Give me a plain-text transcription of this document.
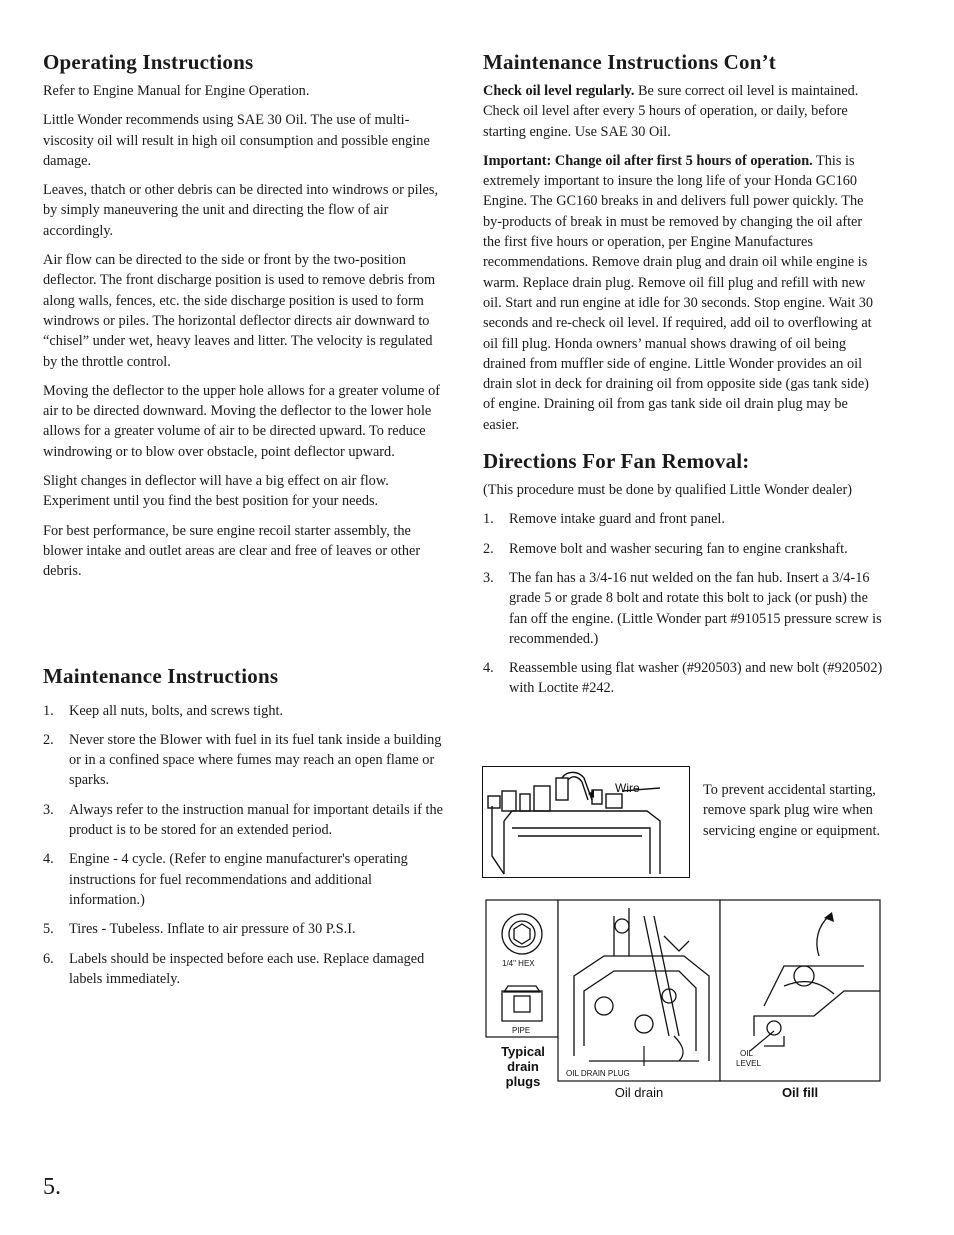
Operating Instructions

Refer to Engine Manual for Engine Operation.

Little Wonder recommends using SAE 30 Oil. The use of multi-viscosity oil will result in high oil consumption and possible engine damage.

Leaves, thatch or other debris can be directed into windrows or piles, by simply maneuvering the unit and directing the flow of air accordingly.

Air flow can be directed to the side or front by the two-position deflector. The front discharge position is used to remove debris from along walls, fences, etc. the side discharge position is used to form windrows or piles. The horizontal deflector directs air downward to “chisel” under wet, heavy leaves and litter. The velocity is regulated by the throttle control.

Moving the deflector to the upper hole allows for a greater volume of air to be directed downward. Moving the deflector to the lower hole allows for a greater volume of air to be directed upward. To reduce windrowing or to blow over obstacle, point deflector upward.

Slight changes in deflector will have a big effect on air flow. Experiment until you find the best position for your needs.

For best performance, be sure engine recoil starter assembly, the blower intake and outlet areas are clear and free of leaves or other debris.

Maintenance Instructions
1. Keep all nuts, bolts, and screws tight.
2. Never store the Blower with fuel in its fuel tank inside a building or in a confined space where fumes may reach an open flame or sparks.
3. Always refer to the instruction manual for important details if the product is to be stored for an extended period.
4. Engine - 4 cycle. (Refer to engine manufacturer's operating instructions for fuel recommendations and additional information.)
5. Tires - Tubeless. Inflate to air pressure of 30 P.S.I.
6. Labels should be inspected before each use. Replace damaged labels immediately.
Maintenance Instructions Con’t

Check oil level regularly. Be sure correct oil level is maintained. Check oil level after every 5 hours of operation, or daily, before starting engine. Use SAE 30 Oil.

Important: Change oil after first 5 hours of operation. This is extremely important to insure the long life of your Honda GC160 Engine. The GC160 breaks in and delivers full power quickly. The by-products of break in must be removed by changing the oil after the first five hours or operation, per Engine Manufactures recommendations. Remove drain plug and drain oil while engine is warm. Replace drain plug. Remove oil fill plug and refill with new oil. Start and run engine at idle for 30 seconds. Stop engine. Wait 30 seconds and re-check oil level. If required, add oil to overflowing at oil fill plug. Honda owners’ manual shows drawing of oil being drained from muffler side of engine. Little Wonder provides an oil drain slot in deck for draining oil from opposite side (gas tank side) of engine. Draining oil from gas tank side oil drain plug may be easier.

Directions For Fan Removal:

(This procedure must be done by qualified Little Wonder dealer)

1. Remove intake guard and front panel.
2. Remove bolt and washer securing fan to engine crankshaft.
3. The fan has a 3/4-16 nut welded on the fan hub. Insert a 3/4-16 grade 5 or grade 8 bolt and rotate this bolt to jack (or push) the fan off the engine. (Little Wonder part #910515 pressure screw is recommended.)
4. Reassemble using flat washer (#920503) and new bolt (#920502) with Loctite #242.
Wire	To prevent accidental starting, remove spark plug wire when servicing engine or equipment.
1/4" HEX
PIPE
Typical
drain
plugs
OIL DRAIN PLUG
OIL
LEVEL
Oil drain	Oil fill
5.
